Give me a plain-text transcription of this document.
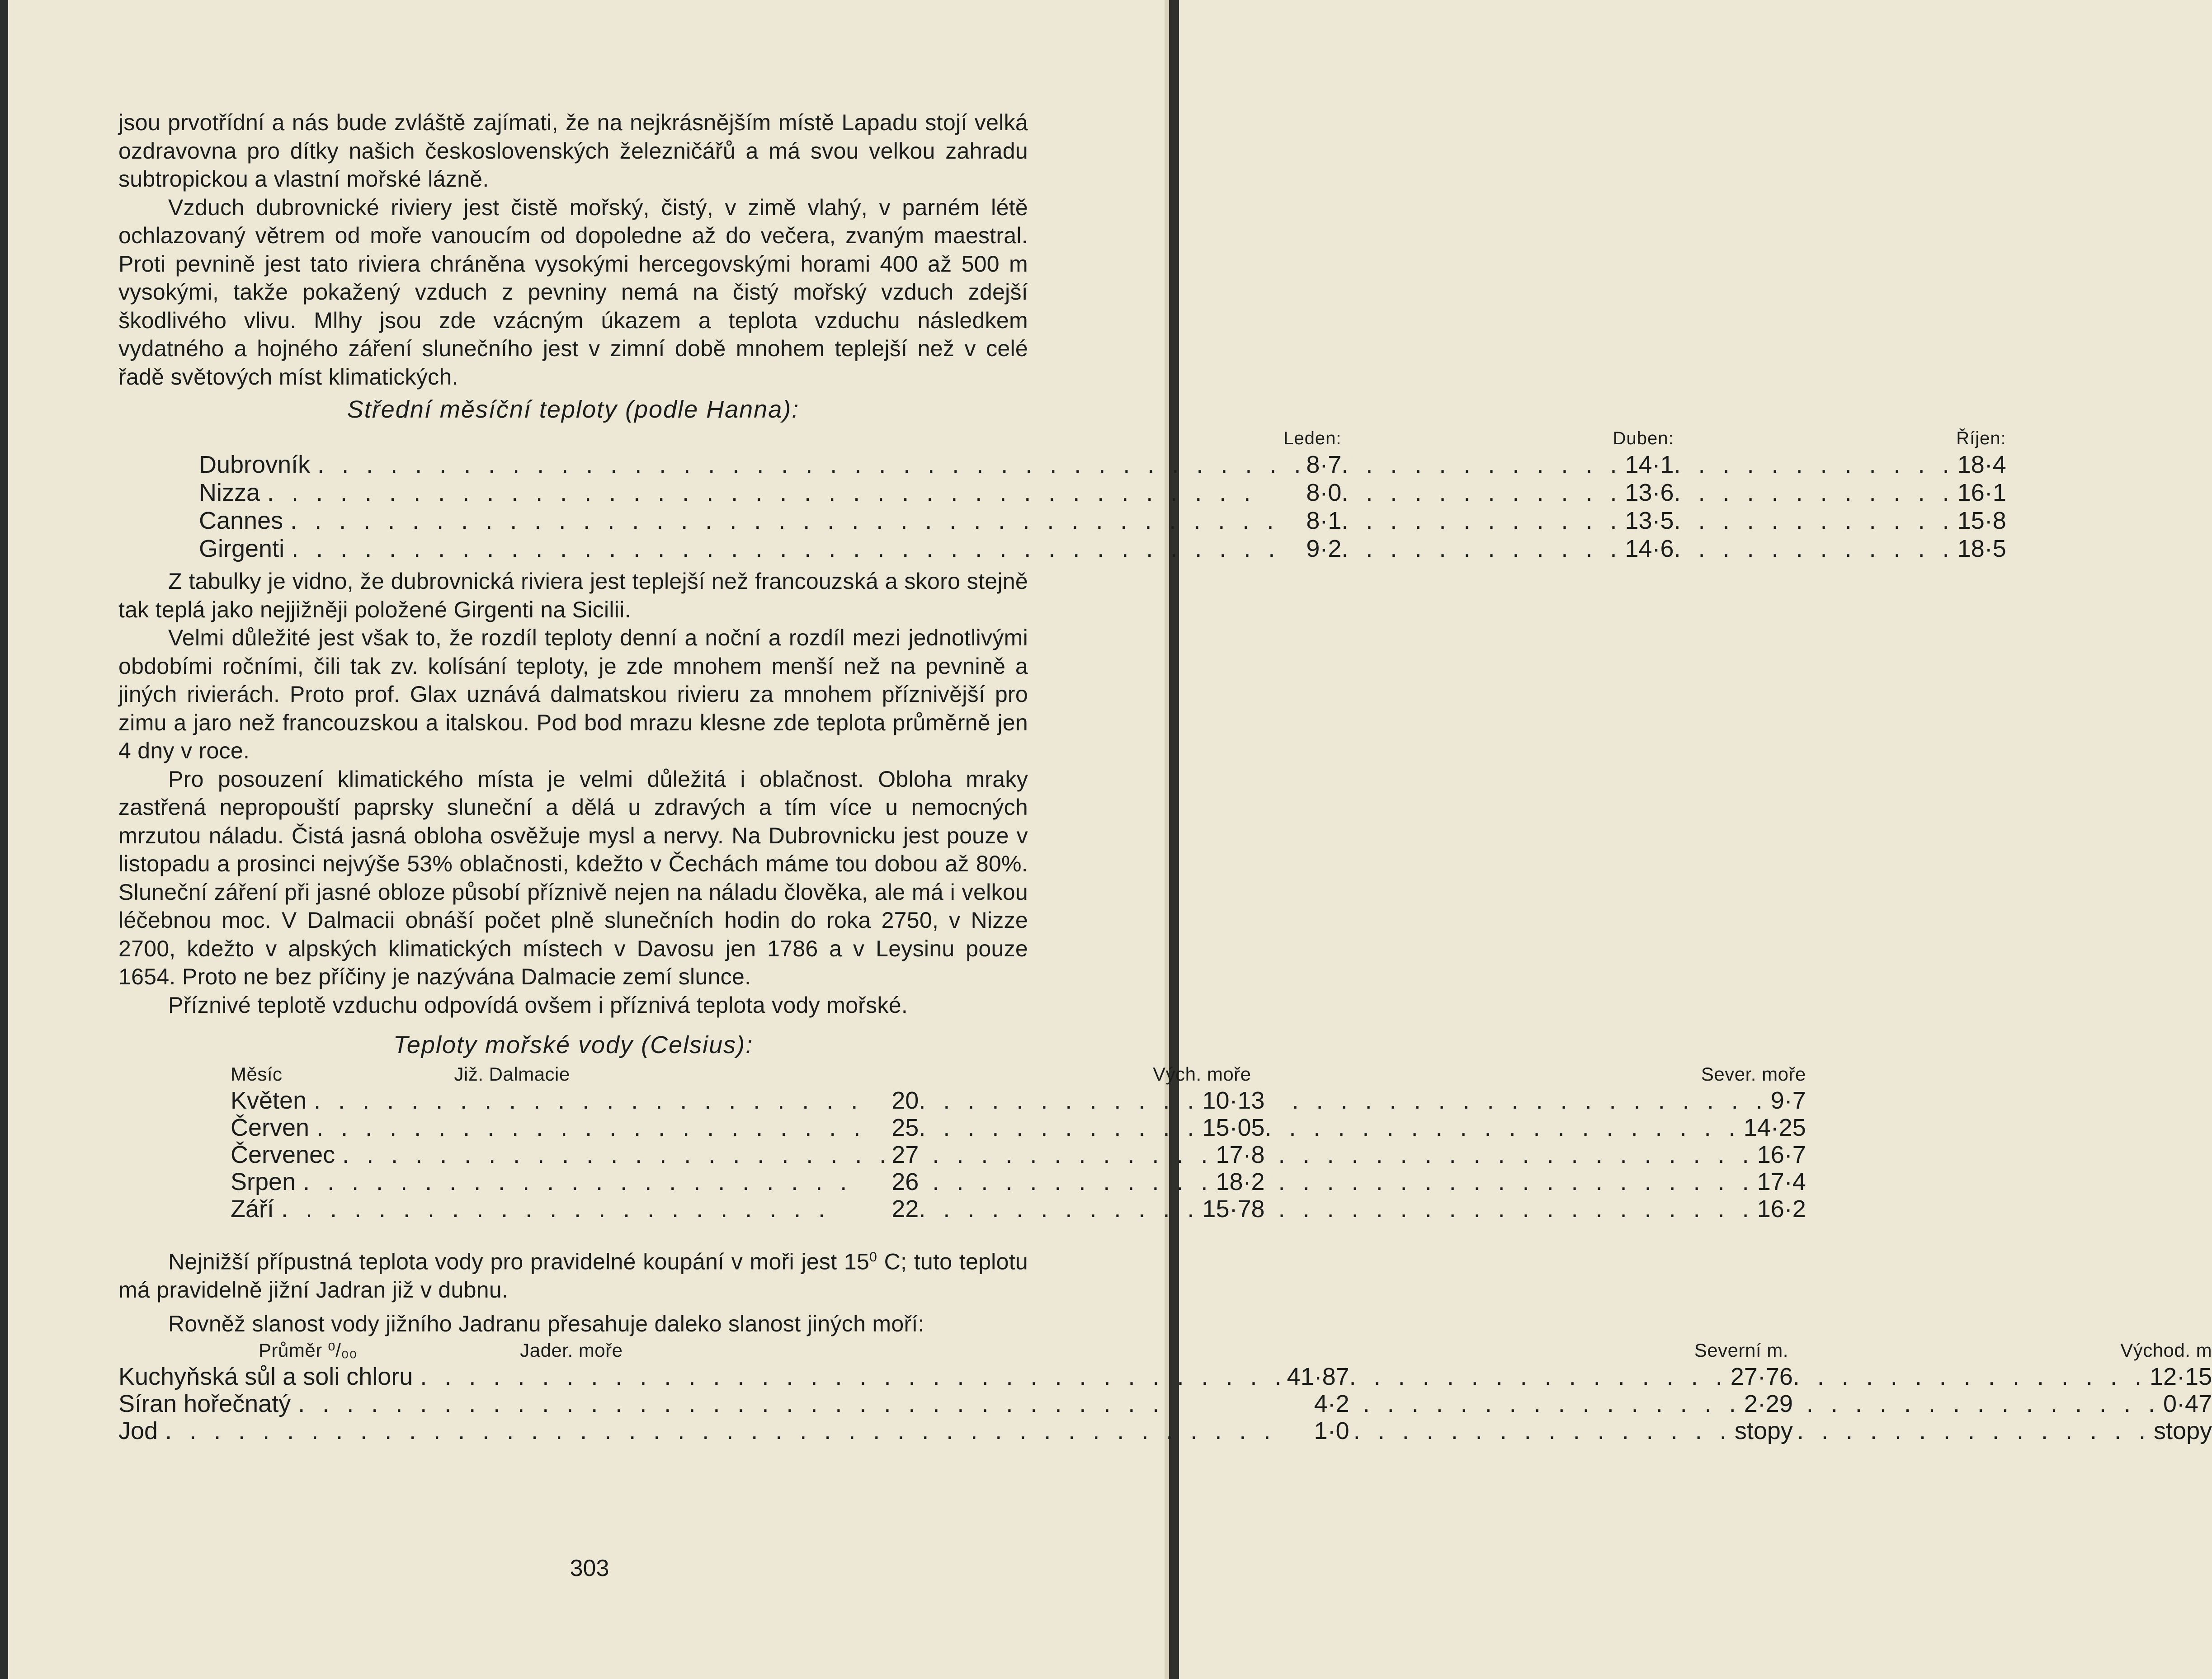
jsou prvotřídní a nás bude zvláště zajímati, že na nejkrásnějším místě Lapadu stojí velká ozdravovna pro dítky našich československých železničářů a má svou velkou zahradu subtropickou a vlastní mořské lázně.

Vzduch dubrovnické riviery jest čistě mořský, čistý, v zimě vlahý, v parném létě ochlazovaný větrem od moře vanoucím od dopoledne až do večera, zvaným maestral. Proti pevnině jest tato riviera chráněna vysokými hercegovskými horami 400 až 500 m vysokými, takže pokažený vzduch z pevniny nemá na čistý mořský vzduch zdejší škodlivého vlivu. Mlhy jsou zde vzácným úkazem a teplota vzduchu následkem vydatného a hojného záření slunečního jest v zimní době mnohem teplejší než v celé řadě světových míst klimatických.

Střední měsíční teploty (podle Hanna):
Leden:	Duben:	Říjen:

Dubrovník . . . . . . . . . . . . . . . . . . . . . . . . . . . . . . . . . . . . . . . . . 8·7	. . . . . . . . . . . . 14·1	. . . . . . . . . . . . 18·4

Nizza . . . . . . . . . . . . . . . . . . . . . . . . . . . . . . . . . . . . . . . . . 8·0	. . . . . . . . . . . . 13·6	. . . . . . . . . . . . 16·1

Cannes . . . . . . . . . . . . . . . . . . . . . . . . . . . . . . . . . . . . . . . . . 8·1	. . . . . . . . . . . . 13·5	. . . . . . . . . . . . 15·8

Girgenti . . . . . . . . . . . . . . . . . . . . . . . . . . . . . . . . . . . . . . . . . 9·2	. . . . . . . . . . . . 14·6	. . . . . . . . . . . . 18·5

Z tabulky je vidno, že dubrovnická riviera jest teplejší než francouzská a skoro stejně tak teplá jako nejjižněji položené Girgenti na Sicilii.

Velmi důležité jest však to, že rozdíl teploty denní a noční a rozdíl mezi jednotlivými obdobími ročními, čili tak zv. kolísání teploty, je zde mnohem menší než na pevnině a jiných rivierách. Proto prof. Glax uznává dalmatskou rivieru za mnohem příznivější pro zimu a jaro než francouzskou a italskou. Pod bod mrazu klesne zde teplota průměrně jen 4 dny v roce.

Pro posouzení klimatického místa je velmi důležitá i oblačnost. Obloha mraky zastřená nepropouští paprsky sluneční a dělá u zdravých a tím více u nemocných mrzutou náladu. Čistá jasná obloha osvěžuje mysl a nervy. Na Dubrovnicku jest pouze v listopadu a prosinci nejvýše 53% oblačnosti, kdežto v Čechách máme tou dobou až 80%. Sluneční záření při jasné obloze působí příznivě nejen na náladu člověka, ale má i velkou léčebnou moc. V Dalmacii obnáší počet plně slunečních hodin do roka 2750, v Nizze 2700, kdežto v alpských klimatických místech v Davosu jen 1786 a v Leysinu pouze 1654. Proto ne bez příčiny je nazývána Dalmacie zemí slunce.

Příznivé teplotě vzduchu odpovídá ovšem i příznivá teplota vody mořské.

Teploty mořské vody (Celsius):
Měsíc Již. Dalmacie	Vých. moře	Sever. moře

Květen . . . . . . . . . . . . . . . . . . . . . . . 20	. . . . . . . . . . . . 10·13	. . . . . . . . . . . . . . . . . . . . 9·7

Červen . . . . . . . . . . . . . . . . . . . . . . . 25	. . . . . . . . . . . . 15·05	. . . . . . . . . . . . . . . . . . . . 14·25

Červenec . . . . . . . . . . . . . . . . . . . . . . . 27	. . . . . . . . . . . . 17·8	. . . . . . . . . . . . . . . . . . . . 16·7

Srpen . . . . . . . . . . . . . . . . . . . . . . . 26	. . . . . . . . . . . . 18·2	. . . . . . . . . . . . . . . . . . . . 17·4

Září . . . . . . . . . . . . . . . . . . . . . . . 22	. . . . . . . . . . . . 15·78	. . . . . . . . . . . . . . . . . . . . 16·2

Nejnižší přípustná teplota vody pro pravidelné koupání v moři jest $15^0$ C; tuto teplotu má pravidelně jižní Jadran již v dubnu.

Rovněž slanost vody jižního Jadranu přesahuje daleko slanost jiných moří:

Průměr ⁰/₀₀ Jader. moře	Severní m.	Východ. m

Kuchyňská sůl a soli chloru . . . . . . . . . . . . . . . . . . . . . . . . . . . . . . . . . . . . 41·87	. . . . . . . . . . . . . . . . 27·76	. . . . . . . . . . . . . . . 12·15

Síran hořečnatý . . . . . . . . . . . . . . . . . . . . . . . . . . . . . . . . . . . . 4·2	. . . . . . . . . . . . . . . . 2·29	. . . . . . . . . . . . . . . 0·47

Jod . . . . . . . . . . . . . . . . . . . . . . . . . . . . . . . . . . . . . . . . . . . . . . 1·0	. . . . . . . . . . . . . . . . stopy	. . . . . . . . . . . . . . . stopy
303
